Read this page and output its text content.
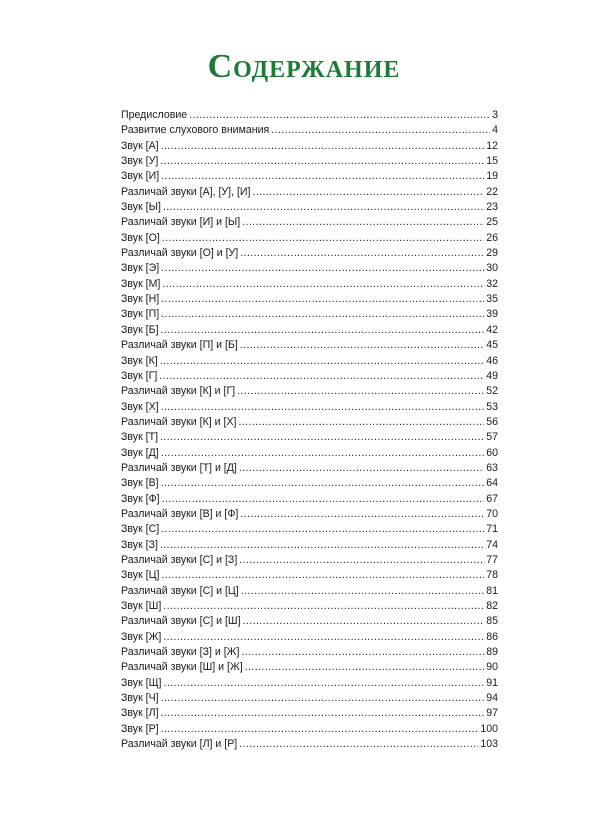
Содержание
Предисловие .....	3
Развитие слухового внимания .....	4
Звук [А] .....	12
Звук [У] .....	15
Звук [И] .....	19
Различай звуки [А], [У], [И] .....	22
Звук [Ы] .....	23
Различай звуки [И] и [Ы] .....	25
Звук [О] .....	26
Различай звуки [О] и [У] .....	29
Звук [Э] .....	30
Звук [М] .....	32
Звук [Н] .....	35
Звук [П] .....	39
Звук [Б] .....	42
Различай звуки [П] и [Б] .....	45
Звук [К] .....	46
Звук [Г] .....	49
Различай звуки [К] и [Г] .....	52
Звук [Х] .....	53
Различай звуки [К] и [Х] .....	56
Звук [Т] .....	57
Звук [Д] .....	60
Различай звуки [Т] и [Д] .....	63
Звук [В] .....	64
Звук [Ф] .....	67
Различай звуки [В] и [Ф] .....	70
Звук [С] .....	71
Звук [З] .....	74
Различай звуки [С] и [З] .....	77
Звук [Ц] .....	78
Различай звуки [С] и [Ц] .....	81
Звук [Ш] .....	82
Различай звуки [С] и [Ш] .....	85
Звук [Ж] .....	86
Различай звуки [З] и [Ж] .....	89
Различай звуки [Ш] и [Ж] .....	90
Звук [Щ] .....	91
Звук [Ч] .....	94
Звук [Л] .....	97
Звук [Р] .....	100
Различай звуки [Л] и [Р] .....	103
